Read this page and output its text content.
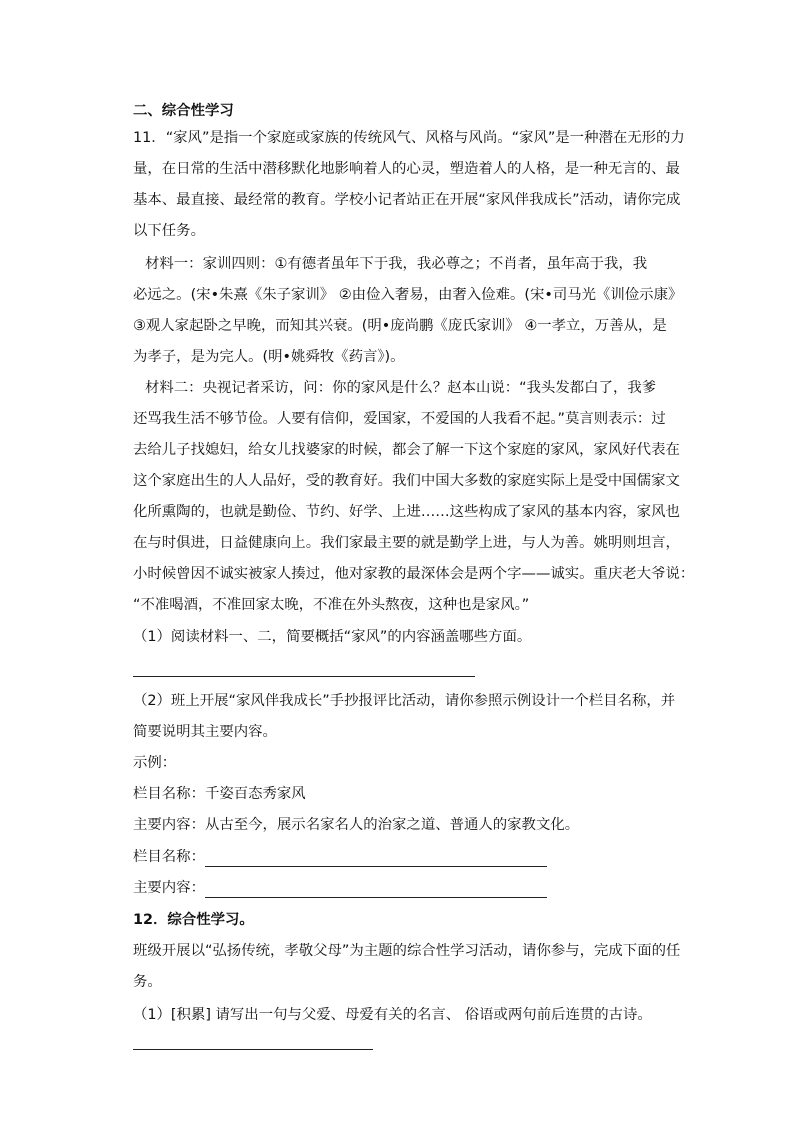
二、综合性学习
11．“家风”是指一个家庭或家族的传统风气、风格与风尚。“家风”是一种潜在无形的力
量，在日常的生活中潜移默化地影响着人的心灵，塑造着人的人格，是一种无言的、最
基本、最直接、最经常的教育。学校小记者站正在开展“家风伴我成长”活动，请你完成
以下任务。
材料一：家训四则：①有德者虽年下于我，我必尊之；不肖者，虽年高于我，我
必远之。(宋•朱熹《朱子家训》 ②由俭入奢易，由奢入俭难。(宋•司马光《训俭示康》
③观人家起卧之早晚，而知其兴衰。(明•庞尚鹏《庞氏家训》 ④一孝立，万善从，是
为孝子，是为完人。(明•姚舜牧《药言》)。
材料二：央视记者采访，问：你的家风是什么？赵本山说：“我头发都白了，我爹
还骂我生活不够节俭。人要有信仰，爱国家，不爱国的人我看不起。”莫言则表示：过
去给儿子找媳妇，给女儿找婆家的时候，都会了解一下这个家庭的家风，家风好代表在
这个家庭出生的人人品好，受的教育好。我们中国大多数的家庭实际上是受中国儒家文
化所熏陶的，也就是勤俭、节约、好学、上进……这些构成了家风的基本内容，家风也
在与时俱进，日益健康向上。我们家最主要的就是勤学上进，与人为善。姚明则坦言，
小时候曾因不诚实被家人揍过，他对家教的最深体会是两个字——诚实。重庆老大爷说：
“不准喝酒，不准回家太晚，不准在外头熬夜，这种也是家风。”
（1）阅读材料一、二，简要概括“家风”的内容涵盖哪些方面。
（2）班上开展“家风伴我成长”手抄报评比活动，请你参照示例设计一个栏目名称，并
简要说明其主要内容。
示例：
栏目名称：千姿百态秀家风
主要内容：从古至今，展示名家名人的治家之道、普通人的家教文化。
栏目名称：
主要内容：
12．综合性学习。
班级开展以“弘扬传统，孝敬父母”为主题的综合性学习活动，请你参与，完成下面的任
务。
（1）[积累] 请写出一句与父爱、母爱有关的名言、 俗语或两句前后连贯的古诗。
